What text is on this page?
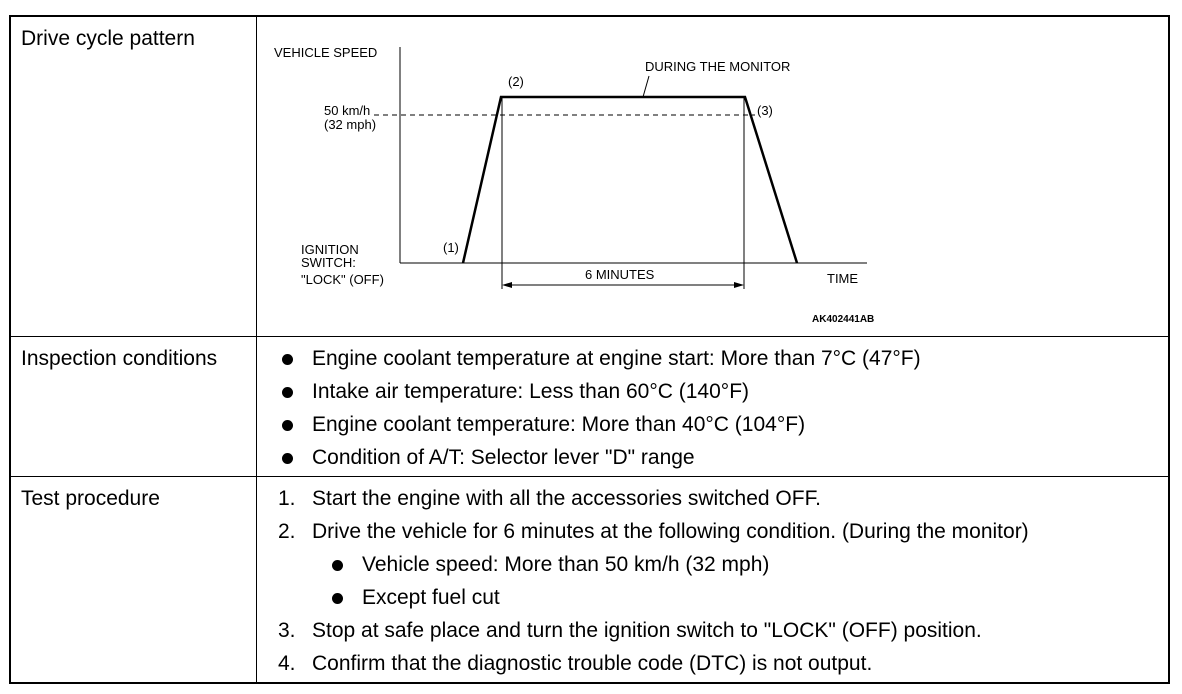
Drive cycle pattern
VEHICLE SPEED
50 km/h
(32 mph)
IGNITION
SWITCH:
"LOCK" (OFF)
(1)
(2)
(3)
DURING THE MONITOR
6 MINUTES	TIME
AK402441AB
Inspection conditions	Engine coolant temperature at engine start: More than 7°C (47°F)
Intake air temperature: Less than 60°C (140°F)
Engine coolant temperature: More than 40°C (104°F)
Condition of A/T: Selector lever "D" range
Test procedure	1. Start the engine with all the accessories switched OFF.
2. Drive the vehicle for 6 minutes at the following condition. (During the monitor)
Vehicle speed: More than 50 km/h (32 mph)
Except fuel cut
3. Stop at safe place and turn the ignition switch to "LOCK" (OFF) position.
4. Confirm that the diagnostic trouble code (DTC) is not output.
